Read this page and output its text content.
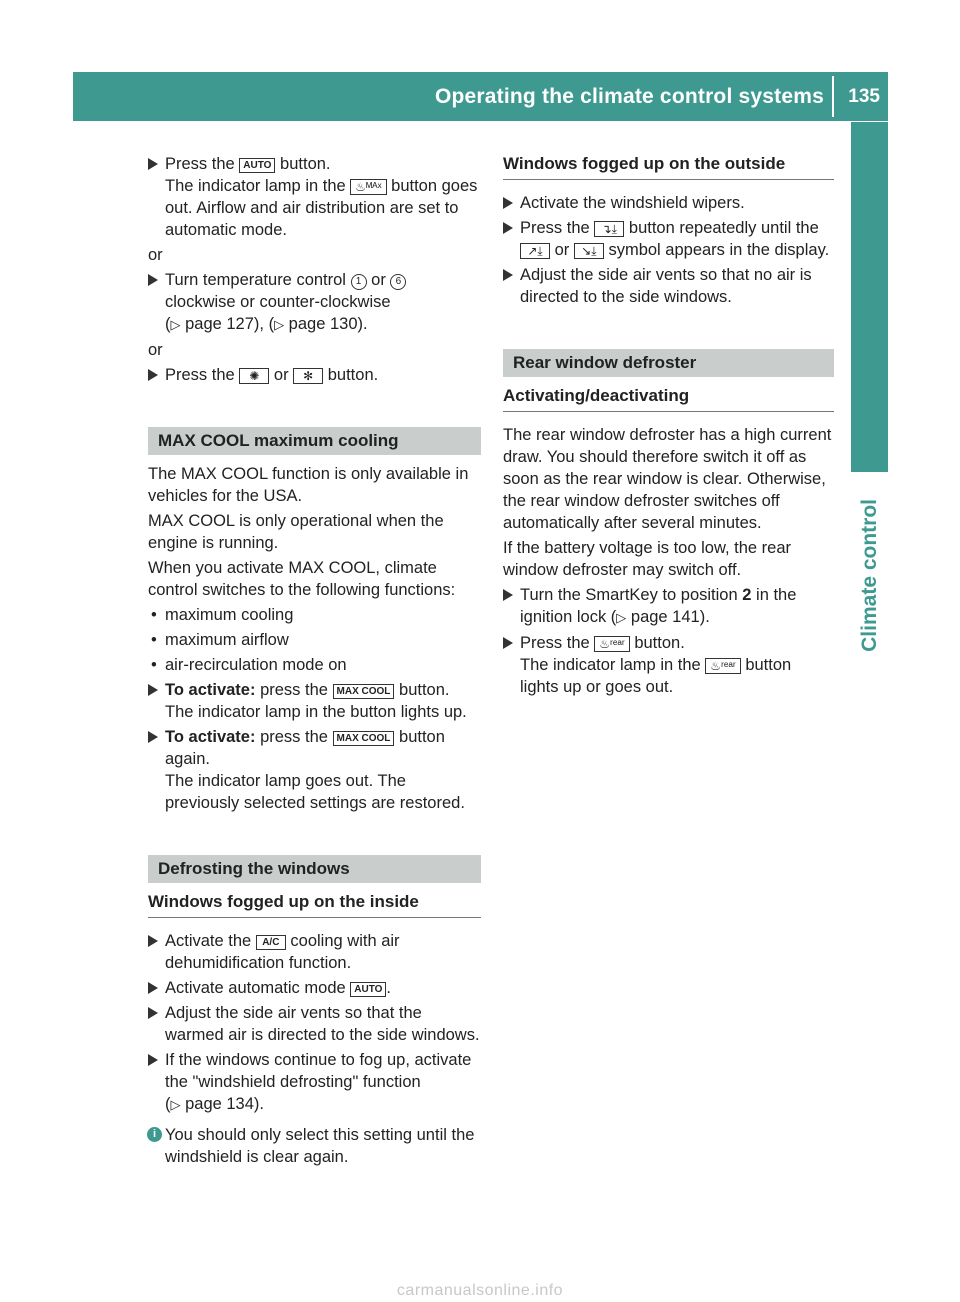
Operating the climate control systems 135
Climate control
Press the AUTO button.
The indicator lamp in the ♨ᴹᴬˣ button goes out. Airflow and air distribution are set to automatic mode.
or
Turn temperature control 1 or 6
clockwise or counter-clockwise
(▷ page 127), (▷ page 130).
or
Press the ✺ or ✻ button.
MAX COOL maximum cooling
The MAX COOL function is only available in vehicles for the USA.
MAX COOL is only operational when the engine is running.
When you activate MAX COOL, climate control switches to the following functions:
• maximum cooling
• maximum airflow
• air-recirculation mode on
To activate: press the MAX COOL button.
The indicator lamp in the button lights up.
To activate: press the MAX COOL button again.
The indicator lamp goes out. The previously selected settings are restored.
Defrosting the windows
Windows fogged up on the inside
Activate the A/C cooling with air dehumidification function.
Activate automatic mode AUTO .
Adjust the side air vents so that the warmed air is directed to the side windows.
If the windows continue to fog up, activate the "windshield defrosting" function
(▷ page 134).
i You should only select this setting until the windshield is clear again.
Windows fogged up on the outside
Activate the windshield wipers.
Press the ↴⤓ button repeatedly until the
↗⤓ or ↘⤓ symbol appears in the display.
Adjust the side air vents so that no air is directed to the side windows.
Rear window defroster
Activating/deactivating
The rear window defroster has a high current draw. You should therefore switch it off as soon as the rear window is clear. Otherwise, the rear window defroster switches off automatically after several minutes.
If the battery voltage is too low, the rear window defroster may switch off.
Turn the SmartKey to position 2 in the ignition lock (▷ page 141).
Press the ♨ʳᵉᵃʳ button.
The indicator lamp in the ♨ʳᵉᵃʳ button lights up or goes out.
carmanualsonline.info
